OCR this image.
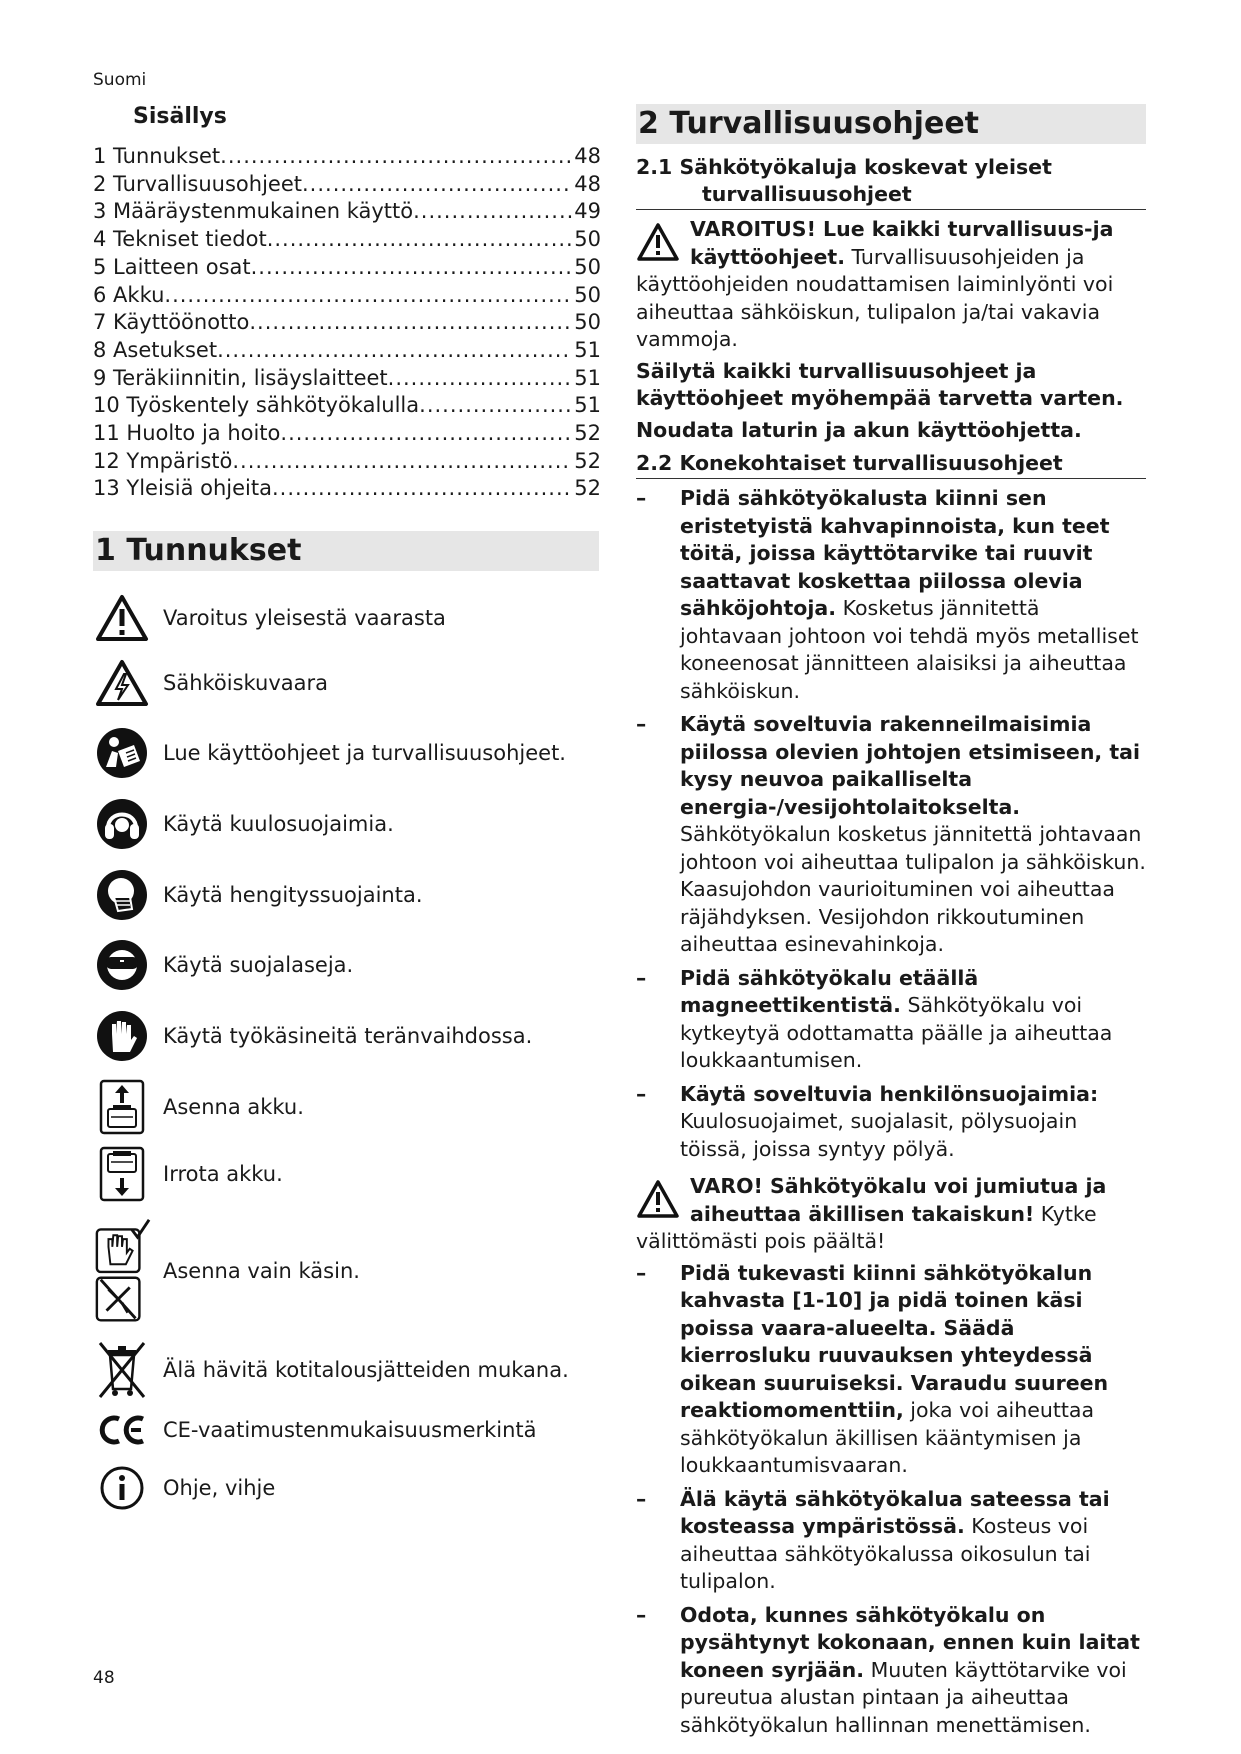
Suomi
Sisällys
1 Tunnukset .....	48
2 Turvallisuusohjeet .....	48
3 Määräystenmukainen käyttö .....	49
4 Tekniset tiedot .....	50
5 Laitteen osat .....	50
6 Akku .....	50
7 Käyttöönotto .....	50
8 Asetukset .....	51
9 Teräkiinnitin, lisäyslaitteet .....	51
10 Työskentely sähkötyökalulla .....	51
11 Huolto ja hoito .....	52
12 Ympäristö .....	52
13 Yleisiä ohjeita .....	52
1 Tunnukset
Varoitus yleisestä vaarasta
Sähköiskuvaara
Lue käyttöohjeet ja turvallisuusohjeet.
Käytä kuulosuojaimia.
Käytä hengityssuojainta.
Käytä suojalaseja.
Käytä työkäsineitä teränvaihdossa.
Asenna akku.
Irrota akku.
Asenna vain käsin.
Älä hävitä kotitalousjätteiden mukana.
CE-vaatimustenmukaisuusmerkintä
Ohje, vihje
2 Turvallisuusohjeet
2.1 Sähkötyökaluja koskevat yleiset
turvallisuusohjeet
VAROITUS! Lue kaikki turvallisuus-ja käyttöohjeet. Turvallisuusohjeiden ja käyttöohjeiden noudattamisen laiminlyönti voi aiheuttaa sähköiskun, tulipalon ja/tai vakavia vammoja.
Säilytä kaikki turvallisuusohjeet ja käyttöohjeet myöhempää tarvetta varten.
Noudata laturin ja akun käyttöohjetta.
2.2 Konekohtaiset turvallisuusohjeet
– Pidä sähkötyökalusta kiinni sen eristetyistä kahvapinnoista, kun teet töitä, joissa käyttötarvike tai ruuvit saattavat koskettaa piilossa olevia sähköjohtoja. Kosketus jännitettä johtavaan johtoon voi tehdä myös metalliset koneenosat jännitteen alaisiksi ja aiheuttaa sähköiskun.
– Käytä soveltuvia rakenneilmaisimia piilossa olevien johtojen etsimiseen, tai kysy neuvoa paikalliselta energia-/vesijohtolaitokselta. Sähkötyökalun kosketus jännitettä johtavaan johtoon voi aiheuttaa tulipalon ja sähköiskun. Kaasujohdon vaurioituminen voi aiheuttaa räjähdyksen. Vesijohdon rikkoutuminen aiheuttaa esinevahinkoja.
– Pidä sähkötyökalu etäällä magneettikentistä. Sähkötyökalu voi kytkeytyä odottamatta päälle ja aiheuttaa loukkaantumisen.
– Käytä soveltuvia henkilönsuojaimia: Kuulosuojaimet, suojalasit, pölysuojain töissä, joissa syntyy pölyä.
VARO! Sähkötyökalu voi jumiutua ja aiheuttaa äkillisen takaiskun! Kytke välittömästi pois päältä!
– Pidä tukevasti kiinni sähkötyökalun kahvasta [1-10] ja pidä toinen käsi poissa vaara-alueelta. Säädä kierrosluku ruuvauksen yhteydessä oikean suuruiseksi. Varaudu suureen reaktiomomenttiin, joka voi aiheuttaa sähkötyökalun äkillisen kääntymisen ja loukkaantumisvaaran.
– Älä käytä sähkötyökalua sateessa tai kosteassa ympäristössä. Kosteus voi aiheuttaa sähkötyökalussa oikosulun tai tulipalon.
– Odota, kunnes sähkötyökalu on pysähtynyt kokonaan, ennen kuin laitat koneen syrjään. Muuten käyttötarvike voi pureutua alustan pintaan ja aiheuttaa sähkötyökalun hallinnan menettämisen.
48
